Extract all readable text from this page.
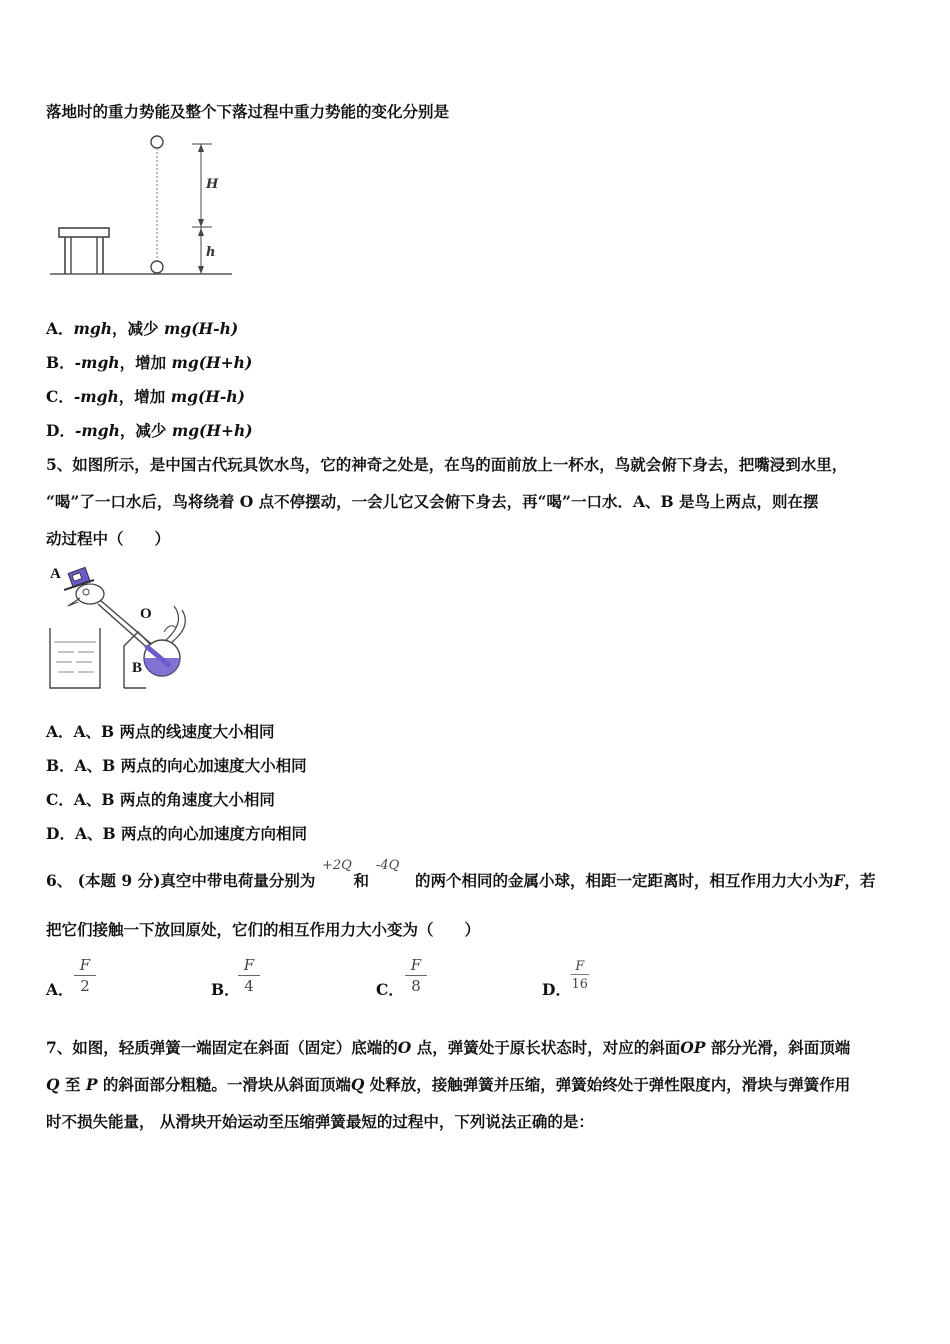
落地时的重力势能及整个下落过程中重力势能的变化分别是
H
h
A．mgh，减少 mg(H-h)
B．-mgh，增加 mg(H+h)
C．-mgh，增加 mg(H-h)
D．-mgh，减少 mg(H+h)
5、如图所示，是中国古代玩具饮水鸟，它的神奇之处是，在鸟的面前放上一杯水，鸟就会俯下身去，把嘴浸到水里，
“喝”了一口水后，鸟将绕着 O 点不停摆动，一会儿它又会俯下身去，再“喝”一口水．A、B 是鸟上两点，则在摆
动过程中（　　）
A
O
B
A．A、B 两点的线速度大小相同
B．A、B 两点的向心加速度大小相同
C．A、B 两点的角速度大小相同
D．A、B 两点的向心加速度方向相同
6、 (本题 9 分)真空中带电荷量分别为 和	的两个相同的金属小球，相距一定距离时，相互作用力大小为F，若
+2Q -4Q
把它们接触一下放回原处，它们的相互作用力大小变为（　　）
A．
F
2	B．
F
4	C．
F
8	D．
F
16
7、如图，轻质弹簧一端固定在斜面（固定）底端的O 点，弹簧处于原长状态时，对应的斜面OP 部分光滑，斜面顶端
Q 至 P 的斜面部分粗糙。一滑块从斜面顶端Q 处释放，接触弹簧并压缩，弹簧始终处于弹性限度内，滑块与弹簧作用
时不损失能量， 从滑块开始运动至压缩弹簧最短的过程中，下列说法正确的是：
